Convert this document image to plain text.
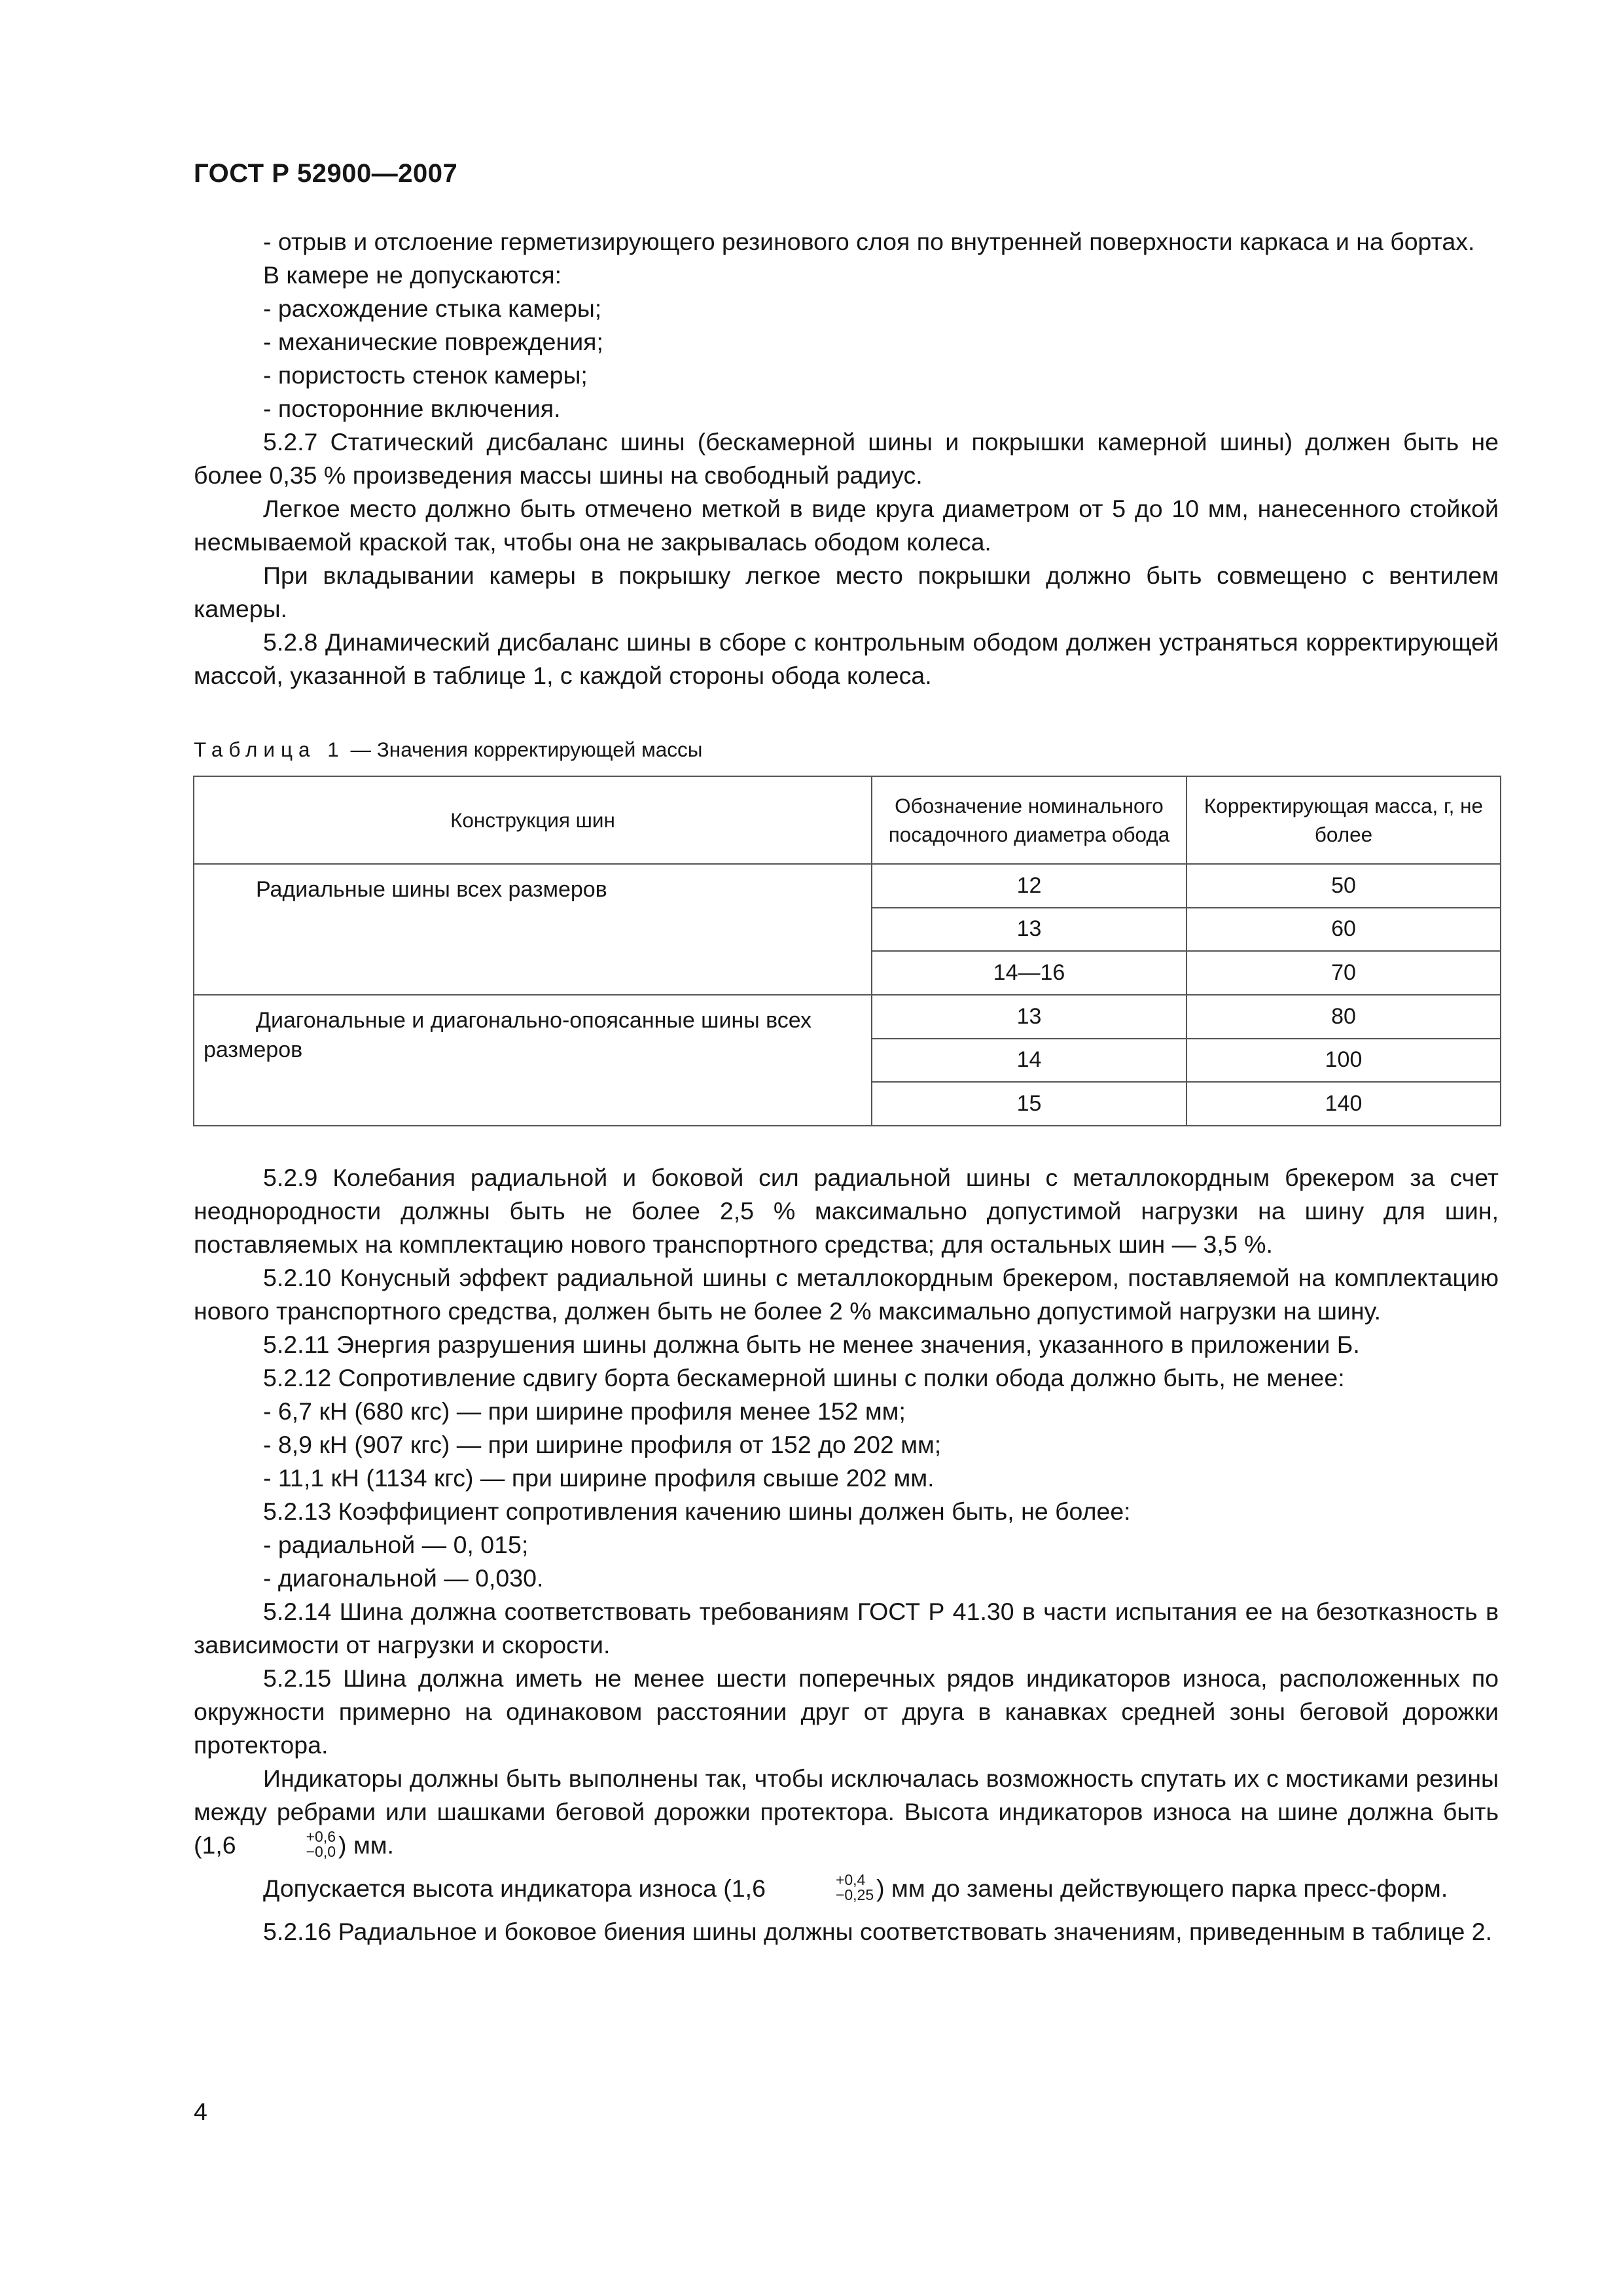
ГОСТ Р 52900—2007

- отрыв и отслоение герметизирующего резинового слоя по внутренней поверхности каркаса и на бортах.

В камере не допускаются:

- расхождение стыка камеры;

- механические повреждения;

- пористость стенок камеры;

- посторонние включения.

5.2.7 Статический дисбаланс шины (бескамерной шины и покрышки камерной шины) должен быть не более 0,35 % произведения массы шины на свободный радиус.

Легкое место должно быть отмечено меткой в виде круга диаметром от 5 до 10 мм, нанесенного стойкой несмываемой краской так, чтобы она не закрывалась ободом колеса.

При вкладывании камеры в покрышку легкое место покрышки должно быть совмещено с вентилем камеры.

5.2.8 Динамический дисбаланс шины в сборе с контрольным ободом должен устраняться корректирующей массой, указанной в таблице 1, с каждой стороны обода колеса.

Таблица 1 — Значения корректирующей массы
Конструкция шин	Обозначение номинального посадочного диаметра обода	Корректирующая масса, г, не более
Радиальные шины всех размеров	12	50
	13	60
	14—16	70
Диагональные и диагонально-опоясанные шины всех размеров	13	80
	14	100
	15	140

5.2.9 Колебания радиальной и боковой сил радиальной шины с металлокордным брекером за счет неоднородности должны быть не более 2,5 % максимально допустимой нагрузки на шину для шин, поставляемых на комплектацию нового транспортного средства; для остальных шин — 3,5 %.

5.2.10 Конусный эффект радиальной шины с металлокордным брекером, поставляемой на комплектацию нового транспортного средства, должен быть не более 2 % максимально допустимой нагрузки на шину.

5.2.11 Энергия разрушения шины должна быть не менее значения, указанного в приложении Б.

5.2.12 Сопротивление сдвигу борта бескамерной шины с полки обода должно быть, не менее:

- 6,7 кН (680 кгс) — при ширине профиля менее 152 мм;

- 8,9 кН (907 кгс) — при ширине профиля от 152 до 202 мм;

- 11,1 кН (1134 кгс) — при ширине профиля свыше 202 мм.

5.2.13 Коэффициент сопротивления качению шины должен быть, не более:

- радиальной — 0, 015;

- диагональной — 0,030.

5.2.14 Шина должна соответствовать требованиям ГОСТ Р 41.30 в части испытания ее на безотказность в зависимости от нагрузки и скорости.

5.2.15 Шина должна иметь не менее шести поперечных рядов индикаторов износа, расположенных по окружности примерно на одинаковом расстоянии друг от друга в канавках средней зоны беговой дорожки протектора.

Индикаторы должны быть выполнены так, чтобы исключалась возможность спутать их с мостиками резины между ребрами или шашками беговой дорожки протектора. Высота индикаторов износа на шине должна быть (1,6	+0,6
−0,0 ) мм.

Допускается высота индикатора износа (1,6	+0,4
−0,25 ) мм до замены действующего парка пресс-форм.

5.2.16 Радиальное и боковое биения шины должны соответствовать значениям, приведенным в таблице 2.

4
